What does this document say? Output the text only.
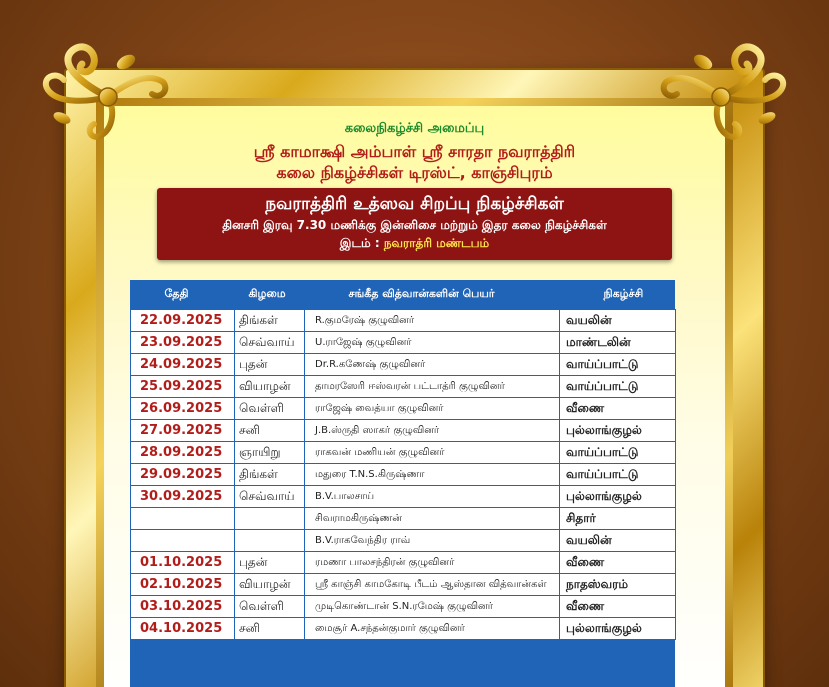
கலைநிகழ்ச்சி அமைப்பு
ஸ்ரீ காமாக்ஷி அம்பாள் ஸ்ரீ சாரதா நவராத்திரி
கலை நிகழ்ச்சிகள் டிரஸ்ட், காஞ்சிபுரம்
நவராத்திரி உத்ஸவ சிறப்பு நிகழ்ச்சிகள்
தினசரி இரவு 7.30 மணிக்கு இன்னிசை மற்றும் இதர கலை நிகழ்ச்சிகள்
இடம் : நவராத்ரி மண்டபம்
தேதி	கிழமை	சங்கீத வித்வான்களின் பெயர்	நிகழ்ச்சி
22.09.2025	திங்கள்	R.குமரேஷ் குழுவினர்	வயலின்
23.09.2025	செவ்வாய்	U.ராஜேஷ் குழுவினர்	மாண்டலின்
24.09.2025	புதன்	Dr.R.கணேஷ் குழுவினர்	வாய்ப்பாட்டு
25.09.2025	வியாழன்	தாமரஸேரி ஈஸ்வரன் பட்டாத்ரி குழுவினர்	வாய்ப்பாட்டு
26.09.2025	வெள்ளி	ராஜேஷ் வைத்யா குழுவினர்	வீணை
27.09.2025	சனி	J.B.ஸ்ருதி ஸாகர் குழுவினர்	புல்லாங்குழல்
28.09.2025	ஞாயிறு	ராகவன் மணியன் குழுவினர்	வாய்ப்பாட்டு
29.09.2025	திங்கள்	மதுரை T.N.S.கிருஷ்ணா	வாய்ப்பாட்டு
30.09.2025	செவ்வாய்	B.V.பாலசாய்	புல்லாங்குழல்
		சிவராமகிருஷ்ணன்	சிதார்
		B.V.ராகவேந்திர ராவ்	வயலின்
01.10.2025	புதன்	ரமணா பாலசந்திரன் குழுவினர்	வீணை
02.10.2025	வியாழன்	ஸ்ரீ காஞ்சி காமகோடி பீடம் ஆஸ்தான வித்வான்கள்	நாதஸ்வரம்
03.10.2025	வெள்ளி	முடிகொண்டான் S.N.ரமேஷ் குழுவினர்	வீணை
04.10.2025	சனி	மைசூர் A.சந்தன்குமார் குழுவினர்	புல்லாங்குழல்
